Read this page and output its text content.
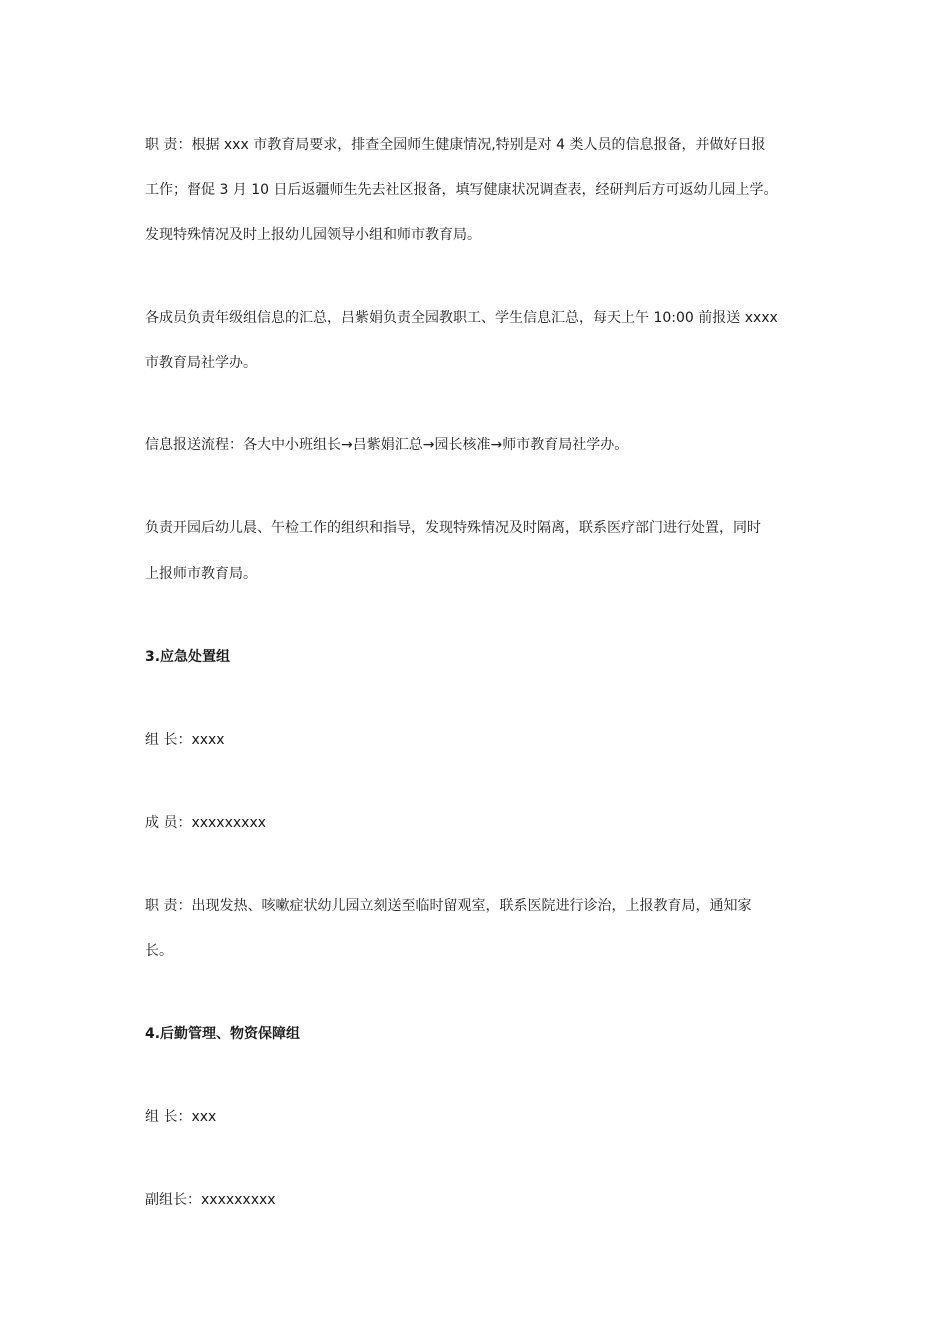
职 责：根据 xxx 市教育局要求，排查全园师生健康情况,特别是对 4 类人员的信息报备，并做好日报
工作；督促 3 月 10 日后返疆师生先去社区报备，填写健康状况调查表，经研判后方可返幼儿园上学。
发现特殊情况及时上报幼儿园领导小组和师市教育局。
各成员负责年级组信息的汇总，吕紫娟负责全园教职工、学生信息汇总，每天上午 10:00 前报送 xxxx
市教育局社学办。
信息报送流程：各大中小班组长→吕紫娟汇总→园长核准→师市教育局社学办。
负责开园后幼儿晨、午检工作的组织和指导，发现特殊情况及时隔离，联系医疗部门进行处置，同时
上报师市教育局。
3.应急处置组
组 长：xxxx
成 员：xxxxxxxxx
职 责：出现发热、咳嗽症状幼儿园立刻送至临时留观室，联系医院进行诊治，上报教育局，通知家
长。
4.后勤管理、物资保障组
组 长：xxx
副组长：xxxxxxxxx
